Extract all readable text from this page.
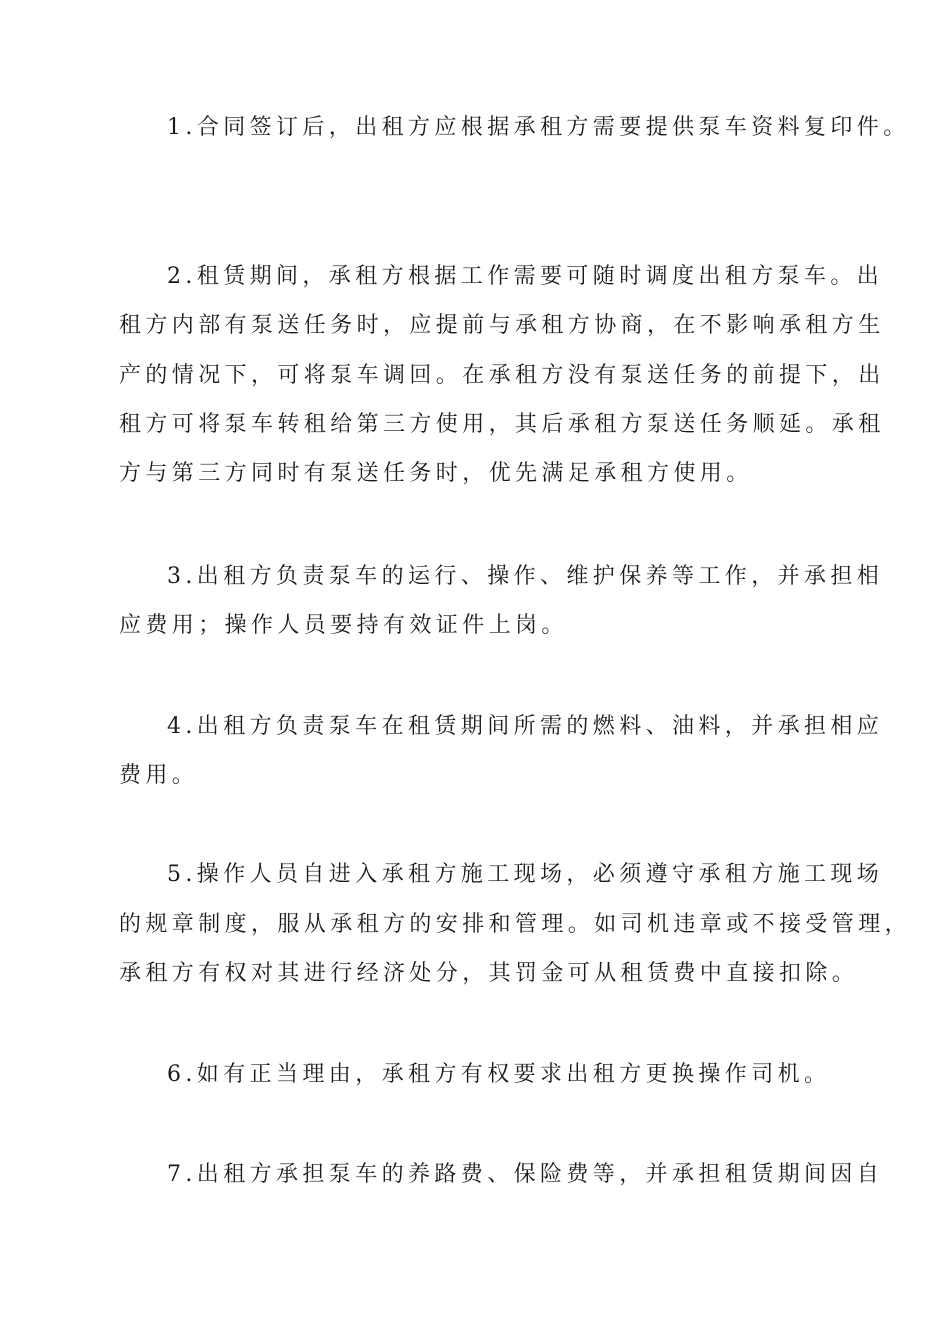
1.合同签订后，出租方应根据承租方需要提供泵车资料复印件。
2.租赁期间，承租方根据工作需要可随时调度出租方泵车。出
租方内部有泵送任务时，应提前与承租方协商，在不影响承租方生
产的情况下，可将泵车调回。在承租方没有泵送任务的前提下，出
租方可将泵车转租给第三方使用，其后承租方泵送任务顺延。承租
方与第三方同时有泵送任务时，优先满足承租方使用。
3.出租方负责泵车的运行、操作、维护保养等工作，并承担相
应费用；操作人员要持有效证件上岗。
4.出租方负责泵车在租赁期间所需的燃料、油料，并承担相应
费用。
5.操作人员自进入承租方施工现场，必须遵守承租方施工现场
的规章制度，服从承租方的安排和管理。如司机违章或不接受管理，
承租方有权对其进行经济处分，其罚金可从租赁费中直接扣除。
6.如有正当理由，承租方有权要求出租方更换操作司机。
7.出租方承担泵车的养路费、保险费等，并承担租赁期间因自
